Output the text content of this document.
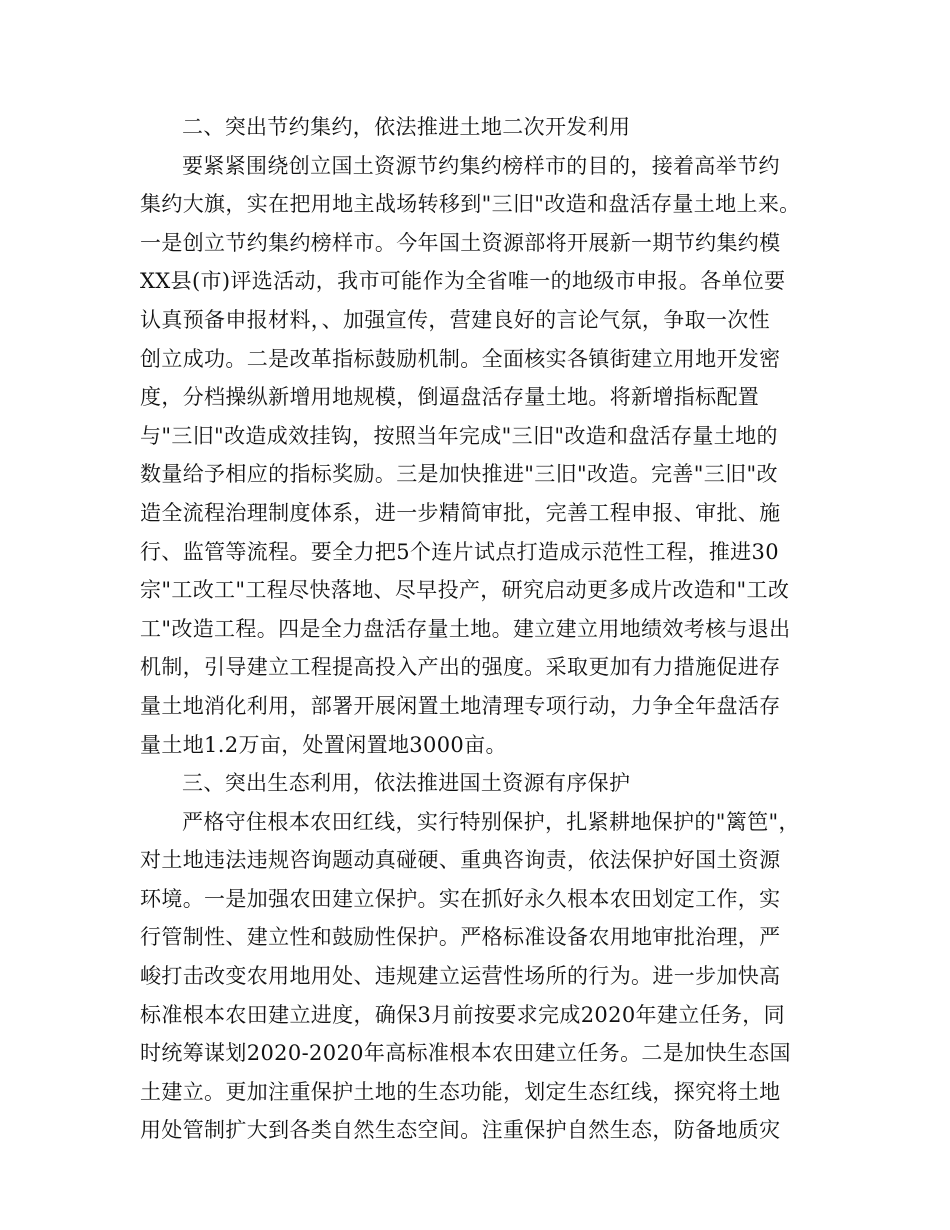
二、突出节约集约，依法推进土地二次开发利用
要紧紧围绕创立国土资源节约集约榜样市的目的，接着高举节约
集约大旗，实在把用地主战场转移到"三旧"改造和盘活存量土地上来。
一是创立节约集约榜样市。今年国土资源部将开展新一期节约集约模
XX县(市)评选活动，我市可能作为全省唯一的地级市申报。各单位要
认真预备申报材料，、加强宣传，营建良好的言论气氛，争取一次性
创立成功。二是改革指标鼓励机制。全面核实各镇街建立用地开发密
度，分档操纵新增用地规模，倒逼盘活存量土地。将新增指标配置
与"三旧"改造成效挂钩，按照当年完成"三旧"改造和盘活存量土地的
数量给予相应的指标奖励。三是加快推进"三旧"改造。完善"三旧"改
造全流程治理制度体系，进一步精简审批，完善工程申报、审批、施
行、监管等流程。要全力把5个连片试点打造成示范性工程，推进30
宗"工改工"工程尽快落地、尽早投产，研究启动更多成片改造和"工改
工"改造工程。四是全力盘活存量土地。建立建立用地绩效考核与退出
机制，引导建立工程提高投入产出的强度。采取更加有力措施促进存
量土地消化利用，部署开展闲置土地清理专项行动，力争全年盘活存
量土地1.2万亩，处置闲置地3000亩。
三、突出生态利用，依法推进国土资源有序保护
严格守住根本农田红线，实行特别保护，扎紧耕地保护的"篱笆"，
对土地违法违规咨询题动真碰硬、重典咨询责，依法保护好国土资源
环境。一是加强农田建立保护。实在抓好永久根本农田划定工作，实
行管制性、建立性和鼓励性保护。严格标准设备农用地审批治理，严
峻打击改变农用地用处、违规建立运营性场所的行为。进一步加快高
标准根本农田建立进度，确保3月前按要求完成2020年建立任务，同
时统筹谋划2020-2020年高标准根本农田建立任务。二是加快生态国
土建立。更加注重保护土地的生态功能，划定生态红线，探究将土地
用处管制扩大到各类自然生态空间。注重保护自然生态，防备地质灾
